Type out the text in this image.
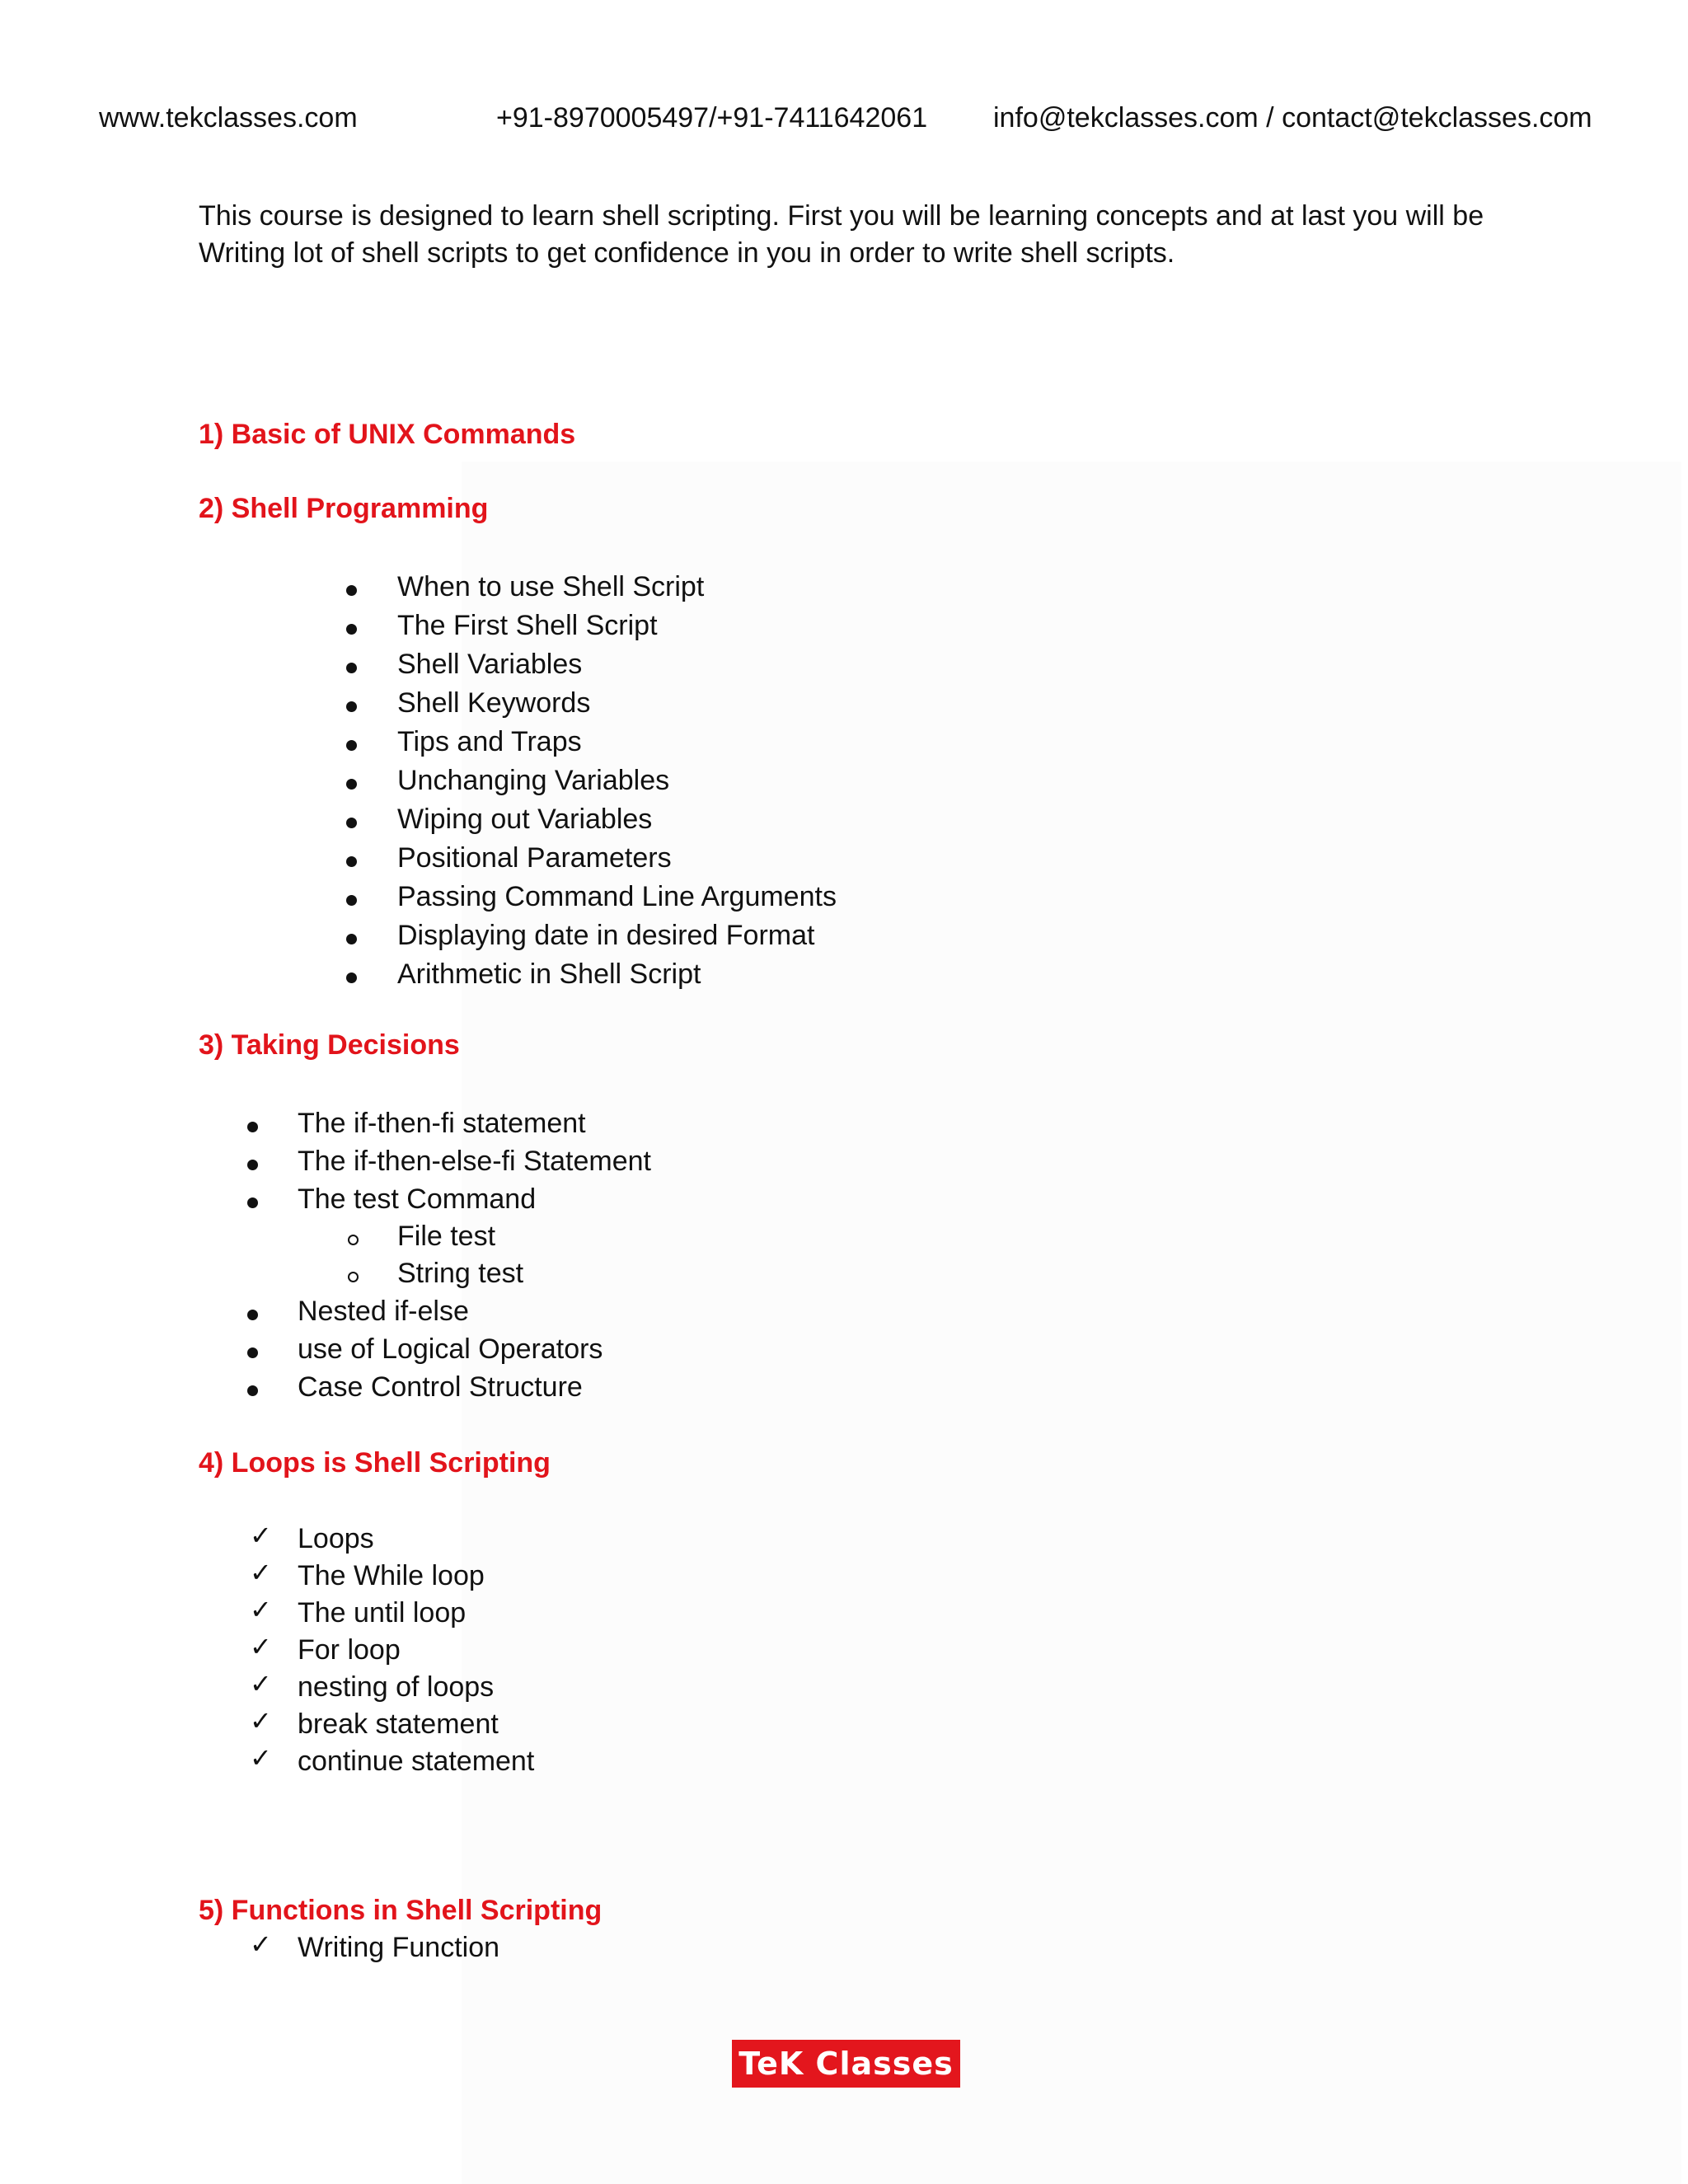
www.tekclasses.com	+91-8970005497/+91-7411642061 info@tekclasses.com / contact@tekclasses.com

This course is designed to learn shell scripting. First you will be learning concepts and at last you will be

Writing lot of shell scripts to get confidence in you in order to write shell scripts.

1) Basic of UNIX Commands
2) Shell Programming
When to use Shell Script
The First Shell Script
Shell Variables
Shell Keywords
Tips and Traps
Unchanging Variables
Wiping out Variables
Positional Parameters
Passing Command Line Arguments
Displaying date in desired Format
Arithmetic in Shell Script
3) Taking Decisions
The if-then-fi statement
The if-then-else-fi Statement
The test Command
File test
String test
Nested if-else
use of Logical Operators
Case Control Structure
4) Loops is Shell Scripting
✓ Loops
✓ The While loop
✓ The until loop
✓ For loop
✓ nesting of loops
✓ break statement
✓ continue statement
5) Functions in Shell Scripting
✓ Writing Function
TeK Classes
